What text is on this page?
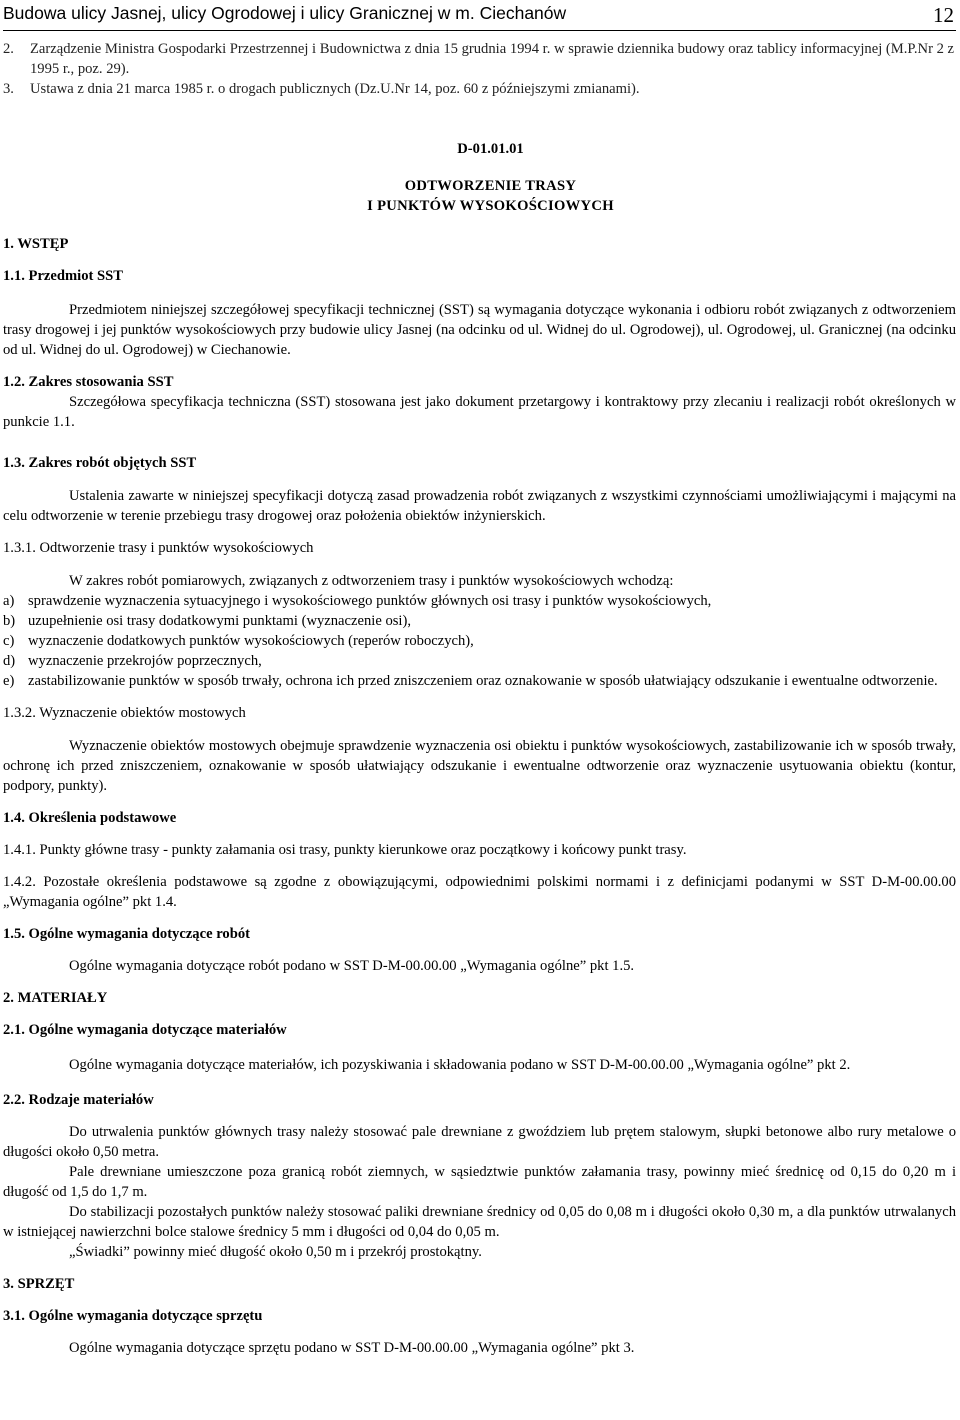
Budowa ulicy Jasnej, ulicy Ogrodowej i ulicy Granicznej w m. Ciechanów	12
2.	Zarządzenie Ministra Gospodarki Przestrzennej i Budownictwa z dnia 15 grudnia 1994 r. w sprawie dziennika budowy oraz tablicy informacyjnej (M.P.Nr 2 z 1995 r., poz. 29).
3.	Ustawa z dnia 21 marca 1985 r. o drogach publicznych (Dz.U.Nr 14, poz. 60 z późniejszymi zmianami).
D-01.01.01
ODTWORZENIE TRASY
I PUNKTÓW WYSOKOŚCIOWYCH
1. WSTĘP
1.1. Przedmiot SST

Przedmiotem niniejszej szczegółowej specyfikacji technicznej (SST) są wymagania dotyczące wykonania i odbioru robót związanych z odtworzeniem trasy drogowej i jej punktów wysokościowych przy budowie ulicy Jasnej (na odcinku od ul. Widnej do ul. Ogrodowej), ul. Ogrodowej, ul. Granicznej (na odcinku od ul. Widnej do ul. Ogrodowej) w Ciechanowie.

1.2. Zakres stosowania SST

Szczegółowa specyfikacja techniczna (SST) stosowana jest jako dokument przetargowy i kontraktowy przy zlecaniu i realizacji robót określonych w punkcie 1.1.

1.3. Zakres robót objętych SST

Ustalenia zawarte w niniejszej specyfikacji dotyczą zasad prowadzenia robót związanych z wszystkimi czynnościami umożliwiającymi i mającymi na celu odtworzenie w terenie przebiegu trasy drogowej oraz położenia obiektów inżynierskich.

1.3.1. Odtworzenie trasy i punktów wysokościowych

W zakres robót pomiarowych, związanych z odtworzeniem trasy i punktów wysokościowych wchodzą:

a) sprawdzenie wyznaczenia sytuacyjnego i wysokościowego punktów głównych osi trasy i punktów wysokościowych,
b) uzupełnienie osi trasy dodatkowymi punktami (wyznaczenie osi),
c) wyznaczenie dodatkowych punktów wysokościowych (reperów roboczych),
d) wyznaczenie przekrojów poprzecznych,
e) zastabilizowanie punktów w sposób trwały, ochrona ich przed zniszczeniem oraz oznakowanie w sposób ułatwiający odszukanie i ewentualne odtworzenie.
1.3.2. Wyznaczenie obiektów mostowych

Wyznaczenie obiektów mostowych obejmuje sprawdzenie wyznaczenia osi obiektu i punktów wysokościowych, zastabilizowanie ich w sposób trwały, ochronę ich przed zniszczeniem, oznakowanie w sposób ułatwiający odszukanie i ewentualne odtworzenie oraz wyznaczenie usytuowania obiektu (kontur, podpory, punkty).

1.4. Określenia podstawowe

1.4.1. Punkty główne trasy - punkty załamania osi trasy, punkty kierunkowe oraz początkowy i końcowy punkt trasy.

1.4.2. Pozostałe określenia podstawowe są zgodne z obowiązującymi, odpowiednimi polskimi normami i z definicjami podanymi w SST D-M-00.00.00 „Wymagania ogólne” pkt 1.4.

1.5. Ogólne wymagania dotyczące robót

Ogólne wymagania dotyczące robót podano w SST D-M-00.00.00 „Wymagania ogólne” pkt 1.5.

2. MATERIAŁY
2.1. Ogólne wymagania dotyczące materiałów

Ogólne wymagania dotyczące materiałów, ich pozyskiwania i składowania podano w SST D-M-00.00.00 „Wymagania ogólne” pkt 2.

2.2. Rodzaje materiałów

Do utrwalenia punktów głównych trasy należy stosować pale drewniane z gwoździem lub prętem stalowym, słupki betonowe albo rury metalowe o długości około 0,50 metra.

Pale drewniane umieszczone poza granicą robót ziemnych, w sąsiedztwie punktów załamania trasy, powinny mieć średnicę od 0,15 do 0,20 m i długość od 1,5 do 1,7 m.

Do stabilizacji pozostałych punktów należy stosować paliki drewniane średnicy od 0,05 do 0,08 m i długości około 0,30 m, a dla punktów utrwalanych w istniejącej nawierzchni bolce stalowe średnicy 5 mm i długości od 0,04 do 0,05 m.

„Świadki” powinny mieć długość około 0,50 m i przekrój prostokątny.

3. SPRZĘT
3.1. Ogólne wymagania dotyczące sprzętu

Ogólne wymagania dotyczące sprzętu podano w SST D-M-00.00.00 „Wymagania ogólne” pkt 3.
